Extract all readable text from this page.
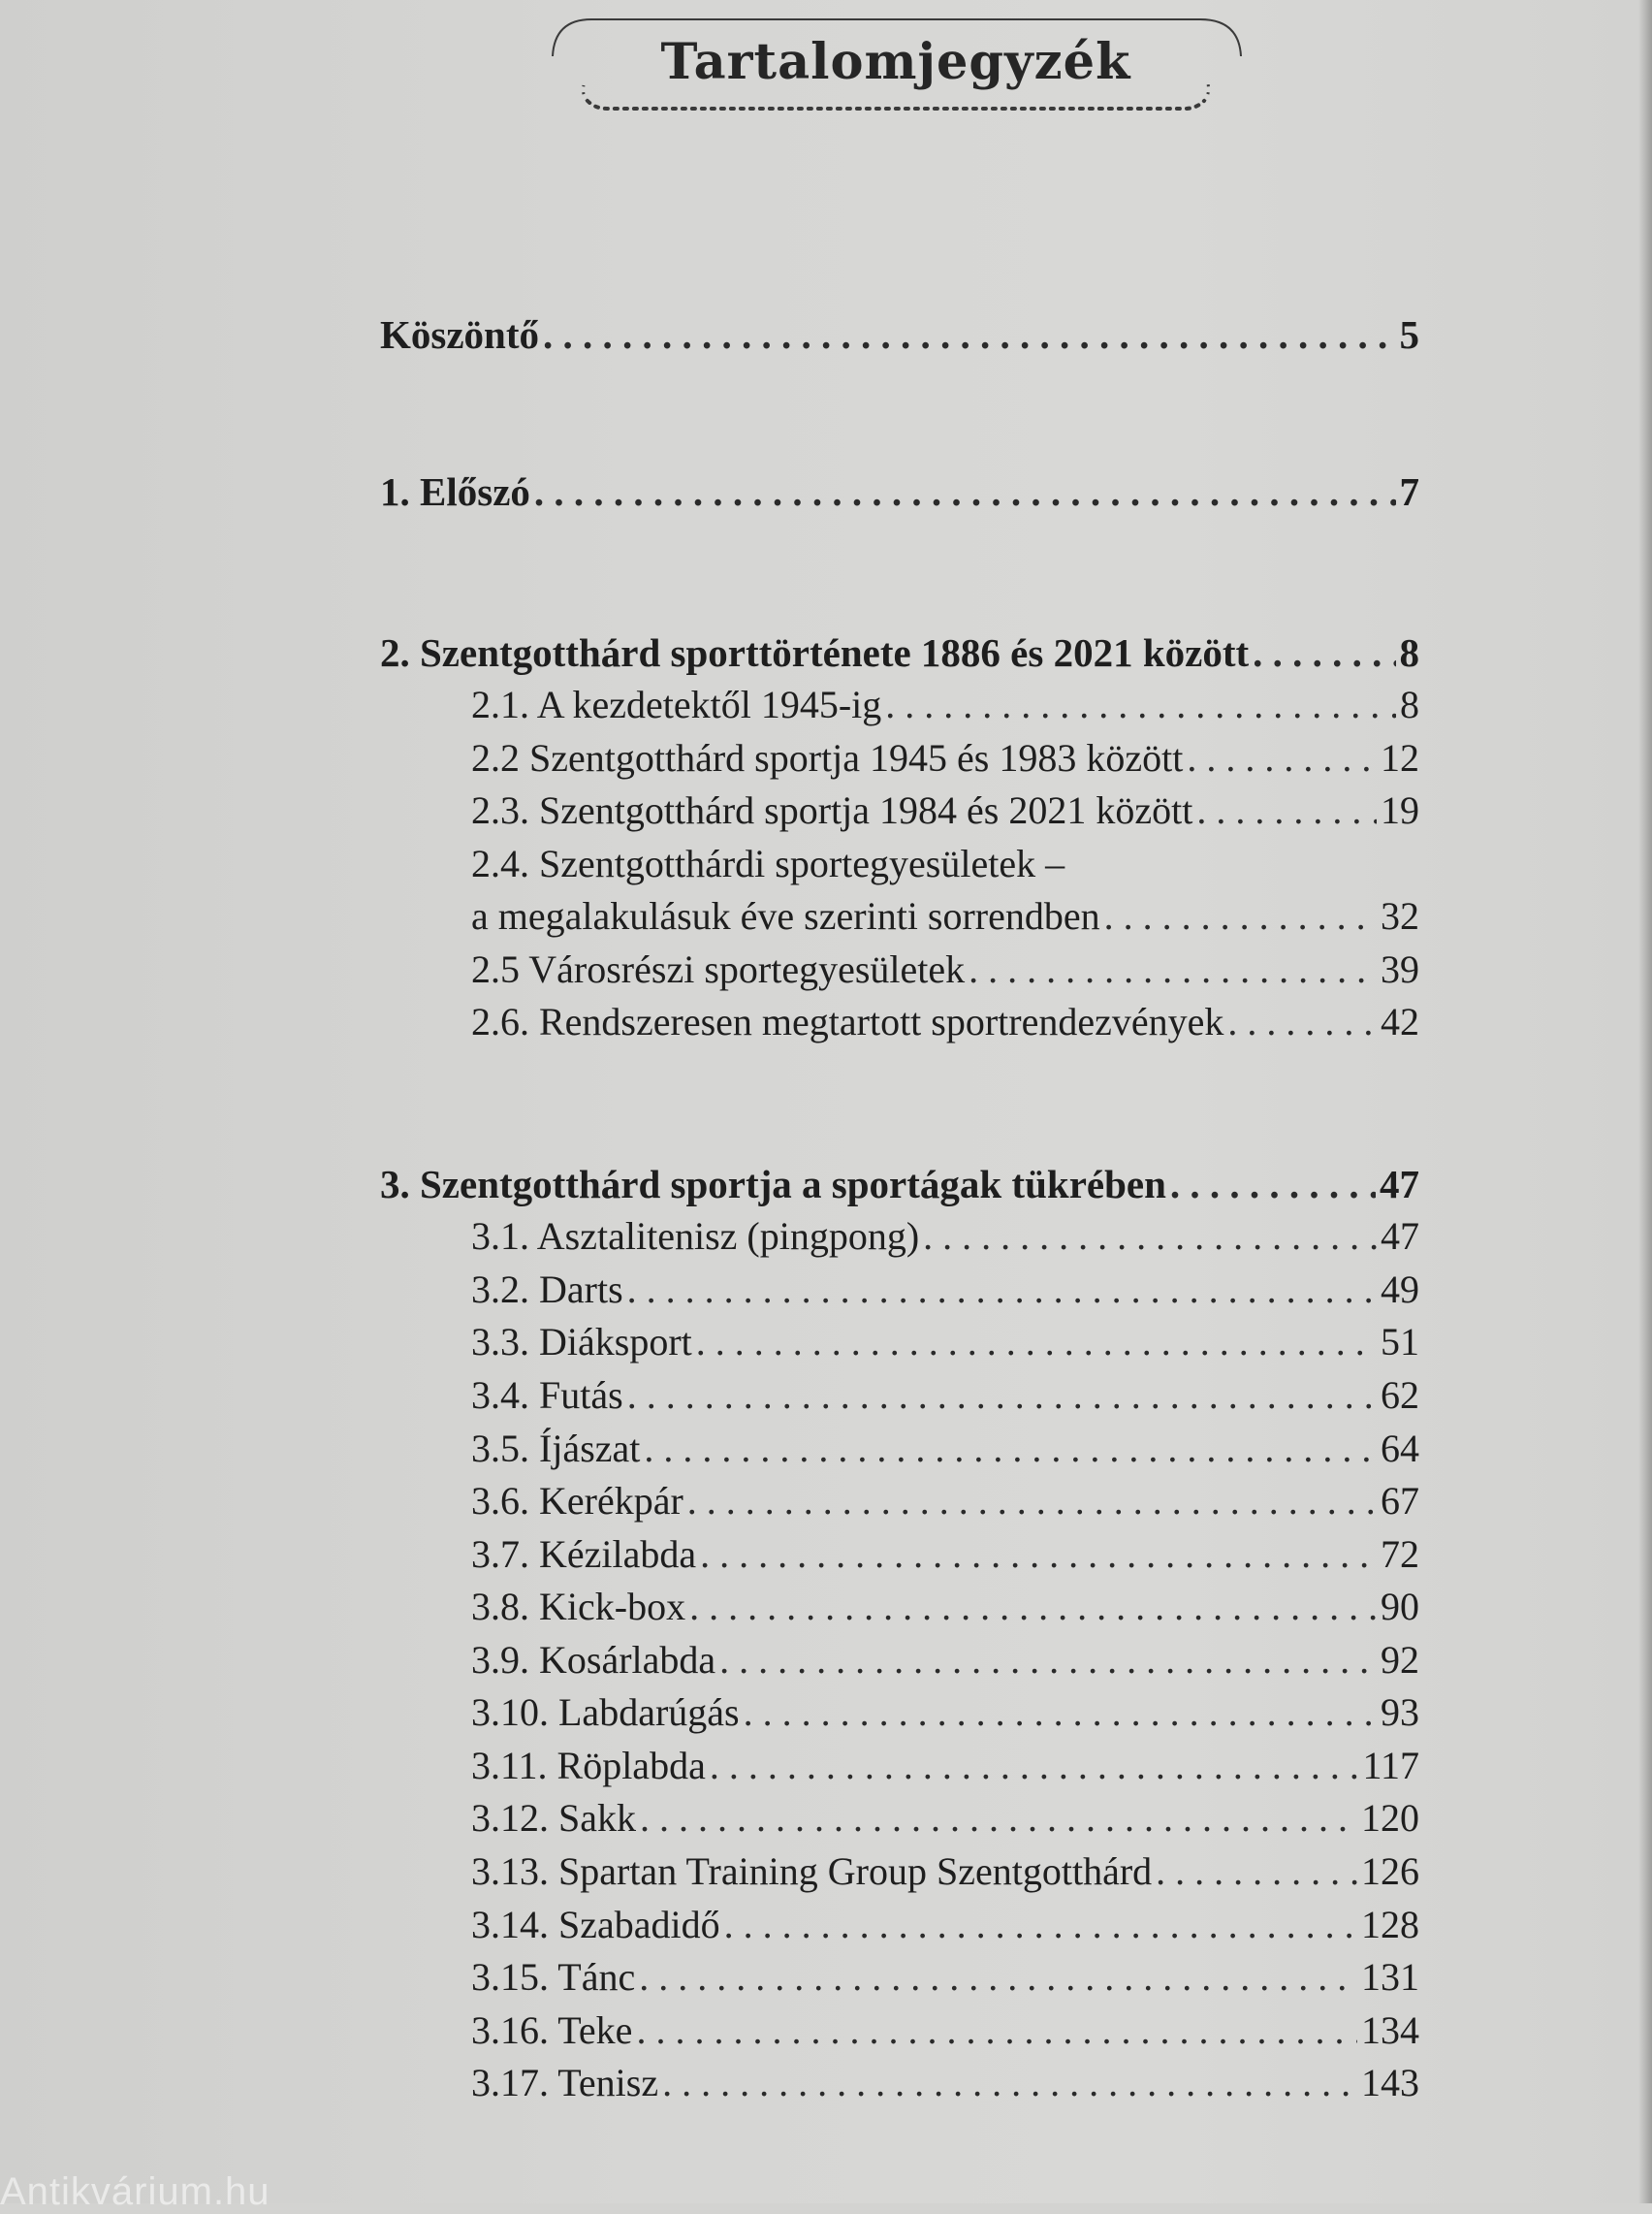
Tartalomjegyzék
Köszöntő . . .	5
1. Előszó . . .	7
2. Szentgotthárd sporttörténete 1886 és 2021 között . . .	8
2.1. A kezdetektől 1945-ig . . .	8
2.2 Szentgotthárd sportja 1945 és 1983 között . . .	12
2.3. Szentgotthárd sportja 1984 és 2021 között . . .	19
2.4. Szentgotthárdi sportegyesületek –
a megalakulásuk éve szerinti sorrendben . . .	32
2.5 Városrészi sportegyesületek . . .	39
2.6. Rendszeresen megtartott sportrendezvények . . .	42
3. Szentgotthárd sportja a sportágak tükrében . . .	47
3.1. Asztalitenisz (pingpong) . . .	47
3.2. Darts . . .	49
3.3. Diáksport . . .	51
3.4. Futás . . .	62
3.5. Íjászat . . .	64
3.6. Kerékpár . . .	67
3.7. Kézilabda . . .	72
3.8. Kick-box . . .	90
3.9. Kosárlabda . . .	92
3.10. Labdarúgás . . .	93
3.11. Röplabda . . .	117
3.12. Sakk . . .	120
3.13. Spartan Training Group Szentgotthárd . . .	126
3.14. Szabadidő . . .	128
3.15. Tánc . . .	131
3.16. Teke . . .	134
3.17. Tenisz . . .	143
Antikvárium.hu
